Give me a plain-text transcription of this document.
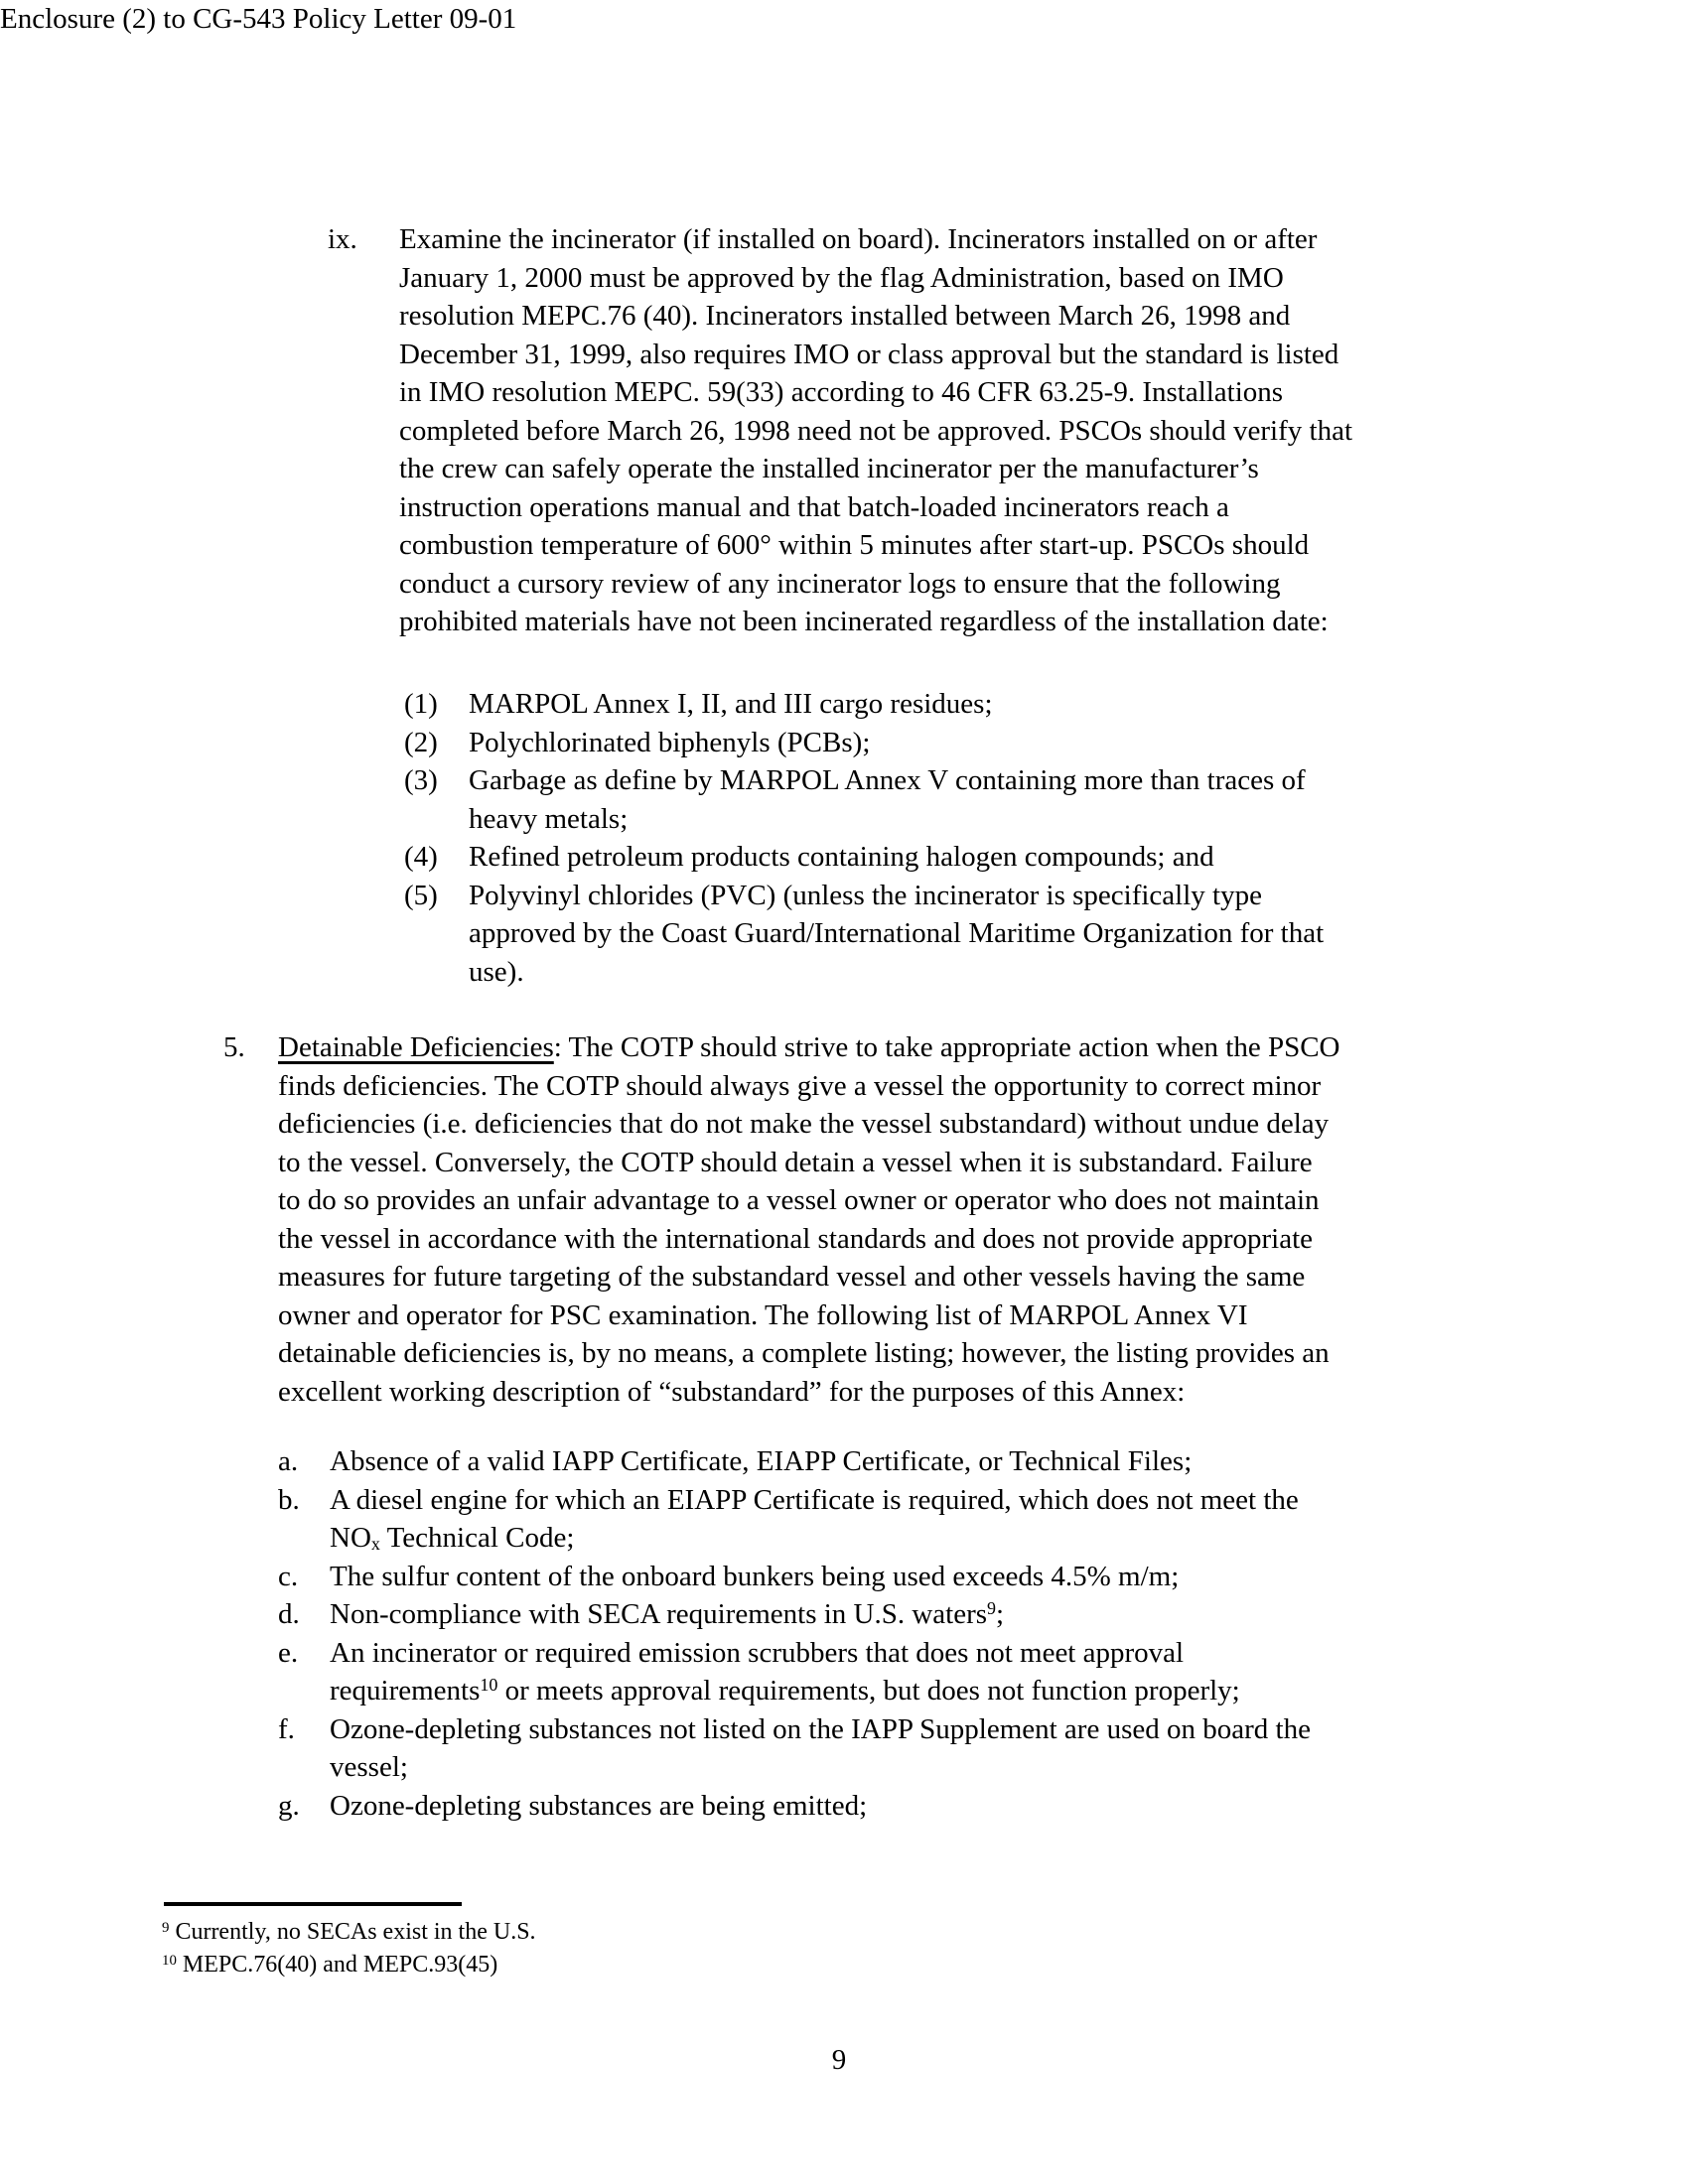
Enclosure (2) to CG-543 Policy Letter 09-01
ix. Examine the incinerator (if installed on board). Incinerators installed on or after
January 1, 2000 must be approved by the flag Administration, based on IMO
resolution MEPC.76 (40). Incinerators installed between March 26, 1998 and
December 31, 1999, also requires IMO or class approval but the standard is listed
in IMO resolution MEPC. 59(33) according to 46 CFR 63.25-9. Installations
completed before March 26, 1998 need not be approved. PSCOs should verify that
the crew can safely operate the installed incinerator per the manufacturer’s
instruction operations manual and that batch-loaded incinerators reach a
combustion temperature of 600° within 5 minutes after start-up. PSCOs should
conduct a cursory review of any incinerator logs to ensure that the following
prohibited materials have not been incinerated regardless of the installation date:
(1) MARPOL Annex I, II, and III cargo residues;
(2) Polychlorinated biphenyls (PCBs);
(3) Garbage as define by MARPOL Annex V containing more than traces of
heavy metals;
(4) Refined petroleum products containing halogen compounds; and
(5) Polyvinyl chlorides (PVC) (unless the incinerator is specifically type
approved by the Coast Guard/International Maritime Organization for that
use).
5. Detainable Deficiencies: The COTP should strive to take appropriate action when the PSCO
finds deficiencies. The COTP should always give a vessel the opportunity to correct minor
deficiencies (i.e. deficiencies that do not make the vessel substandard) without undue delay
to the vessel. Conversely, the COTP should detain a vessel when it is substandard. Failure
to do so provides an unfair advantage to a vessel owner or operator who does not maintain
the vessel in accordance with the international standards and does not provide appropriate
measures for future targeting of the substandard vessel and other vessels having the same
owner and operator for PSC examination. The following list of MARPOL Annex VI
detainable deficiencies is, by no means, a complete listing; however, the listing provides an
excellent working description of “substandard” for the purposes of this Annex:
a. Absence of a valid IAPP Certificate, EIAPP Certificate, or Technical Files;
b. A diesel engine for which an EIAPP Certificate is required, which does not meet the
$NO_x$ Technical Code;
c. The sulfur content of the onboard bunkers being used exceeds 4.5% m/m;
d. Non-compliance with SECA requirements in U.S. waters$^9$;
e. An incinerator or required emission scrubbers that does not meet approval
requirements$^{10}$ or meets approval requirements, but does not function properly;
f. Ozone-depleting substances not listed on the IAPP Supplement are used on board the
vessel;
g. Ozone-depleting substances are being emitted;
$^9$ Currently, no SECAs exist in the U.S.
$^{10}$ MEPC.76(40) and MEPC.93(45)
9
